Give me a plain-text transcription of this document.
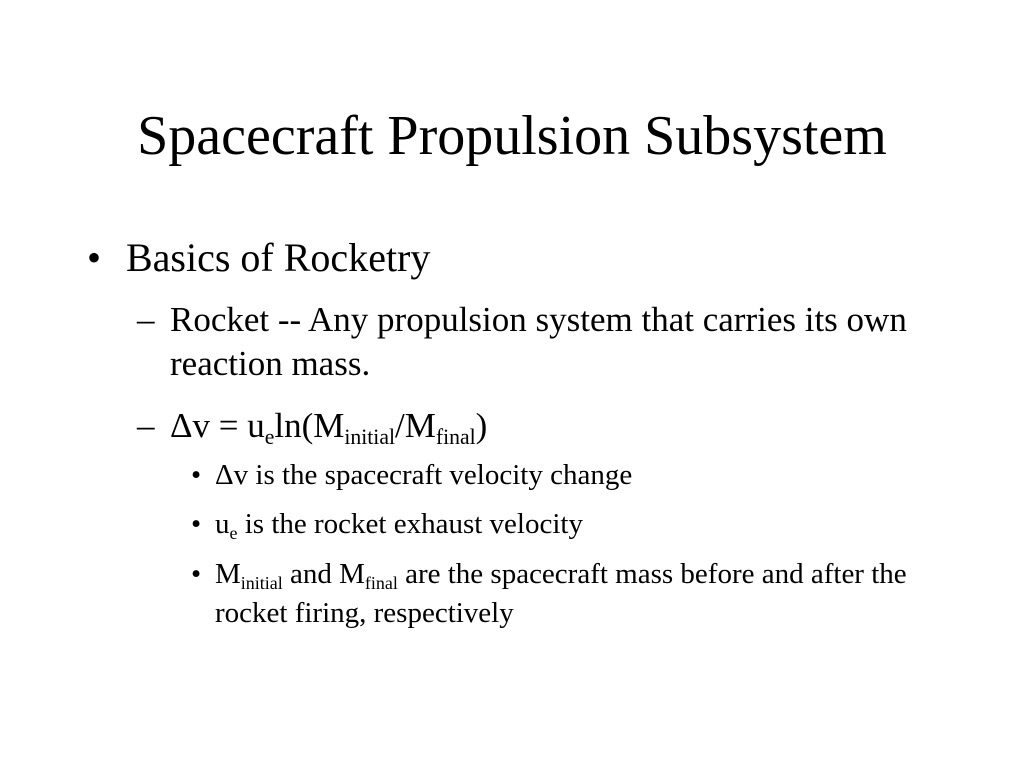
Spacecraft Propulsion Subsystem
• Basics of Rocketry
– Rocket -- Any propulsion system that carries its own reaction mass.
– $\Delta v = u_e\ln(M_{initial}/M_{final})$
• Δv is the spacecraft velocity change
• $u_e$ is the rocket exhaust velocity
• $M_{initial}$ and $M_{final}$ are the spacecraft mass before and after the rocket firing, respectively
